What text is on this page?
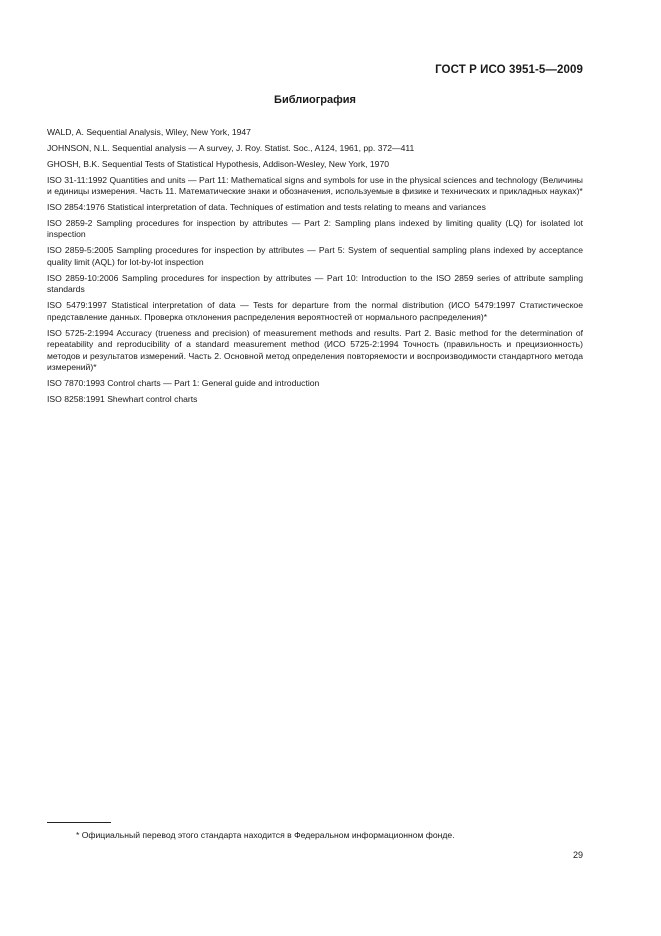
ГОСТ Р ИСО 3951-5—2009
Библиография
WALD, A. Sequential Analysis, Wiley, New York, 1947
JOHNSON, N.L. Sequential analysis — A survey, J. Roy. Statist. Soc., A124, 1961, pp. 372—411
GHOSH, B.K. Sequential Tests of Statistical Hypothesis, Addison-Wesley, New York, 1970
ISO 31-11:1992 Quantities and units — Part 11: Mathematical signs and symbols for use in the physical sciences and technology (Величины и единицы измерения. Часть 11. Математические знаки и обозначения, используемые в физике и технических и прикладных науках)*
ISO 2854:1976 Statistical interpretation of data. Techniques of estimation and tests relating to means and variances
ISO 2859-2 Sampling procedures for inspection by attributes — Part 2: Sampling plans indexed by limiting quality (LQ) for isolated lot inspection
ISO 2859-5:2005 Sampling procedures for inspection by attributes — Part 5: System of sequential sampling plans indexed by acceptance quality limit (AQL) for lot-by-lot inspection
ISO 2859-10:2006 Sampling procedures for inspection by attributes — Part 10: Introduction to the ISO 2859 series of attribute sampling standards
ISO 5479:1997 Statistical interpretation of data — Tests for departure from the normal distribution (ИСО 5479:1997 Статистическое представление данных. Проверка отклонения распределения вероятностей от нормального распределения)*
ISO 5725-2:1994 Accuracy (trueness and precision) of measurement methods and results. Part 2. Basic method for the determination of repeatability and reproducibility of a standard measurement method (ИСО 5725-2:1994 Точность (правильность и прецизионность) методов и результатов измерений. Часть 2. Основной метод определения повторяемости и воспроизводимости стандартного метода измерений)*
ISO 7870:1993 Control charts — Part 1: General guide and introduction
ISO 8258:1991 Shewhart control charts
* Официальный перевод этого стандарта находится в Федеральном информационном фонде.
29
